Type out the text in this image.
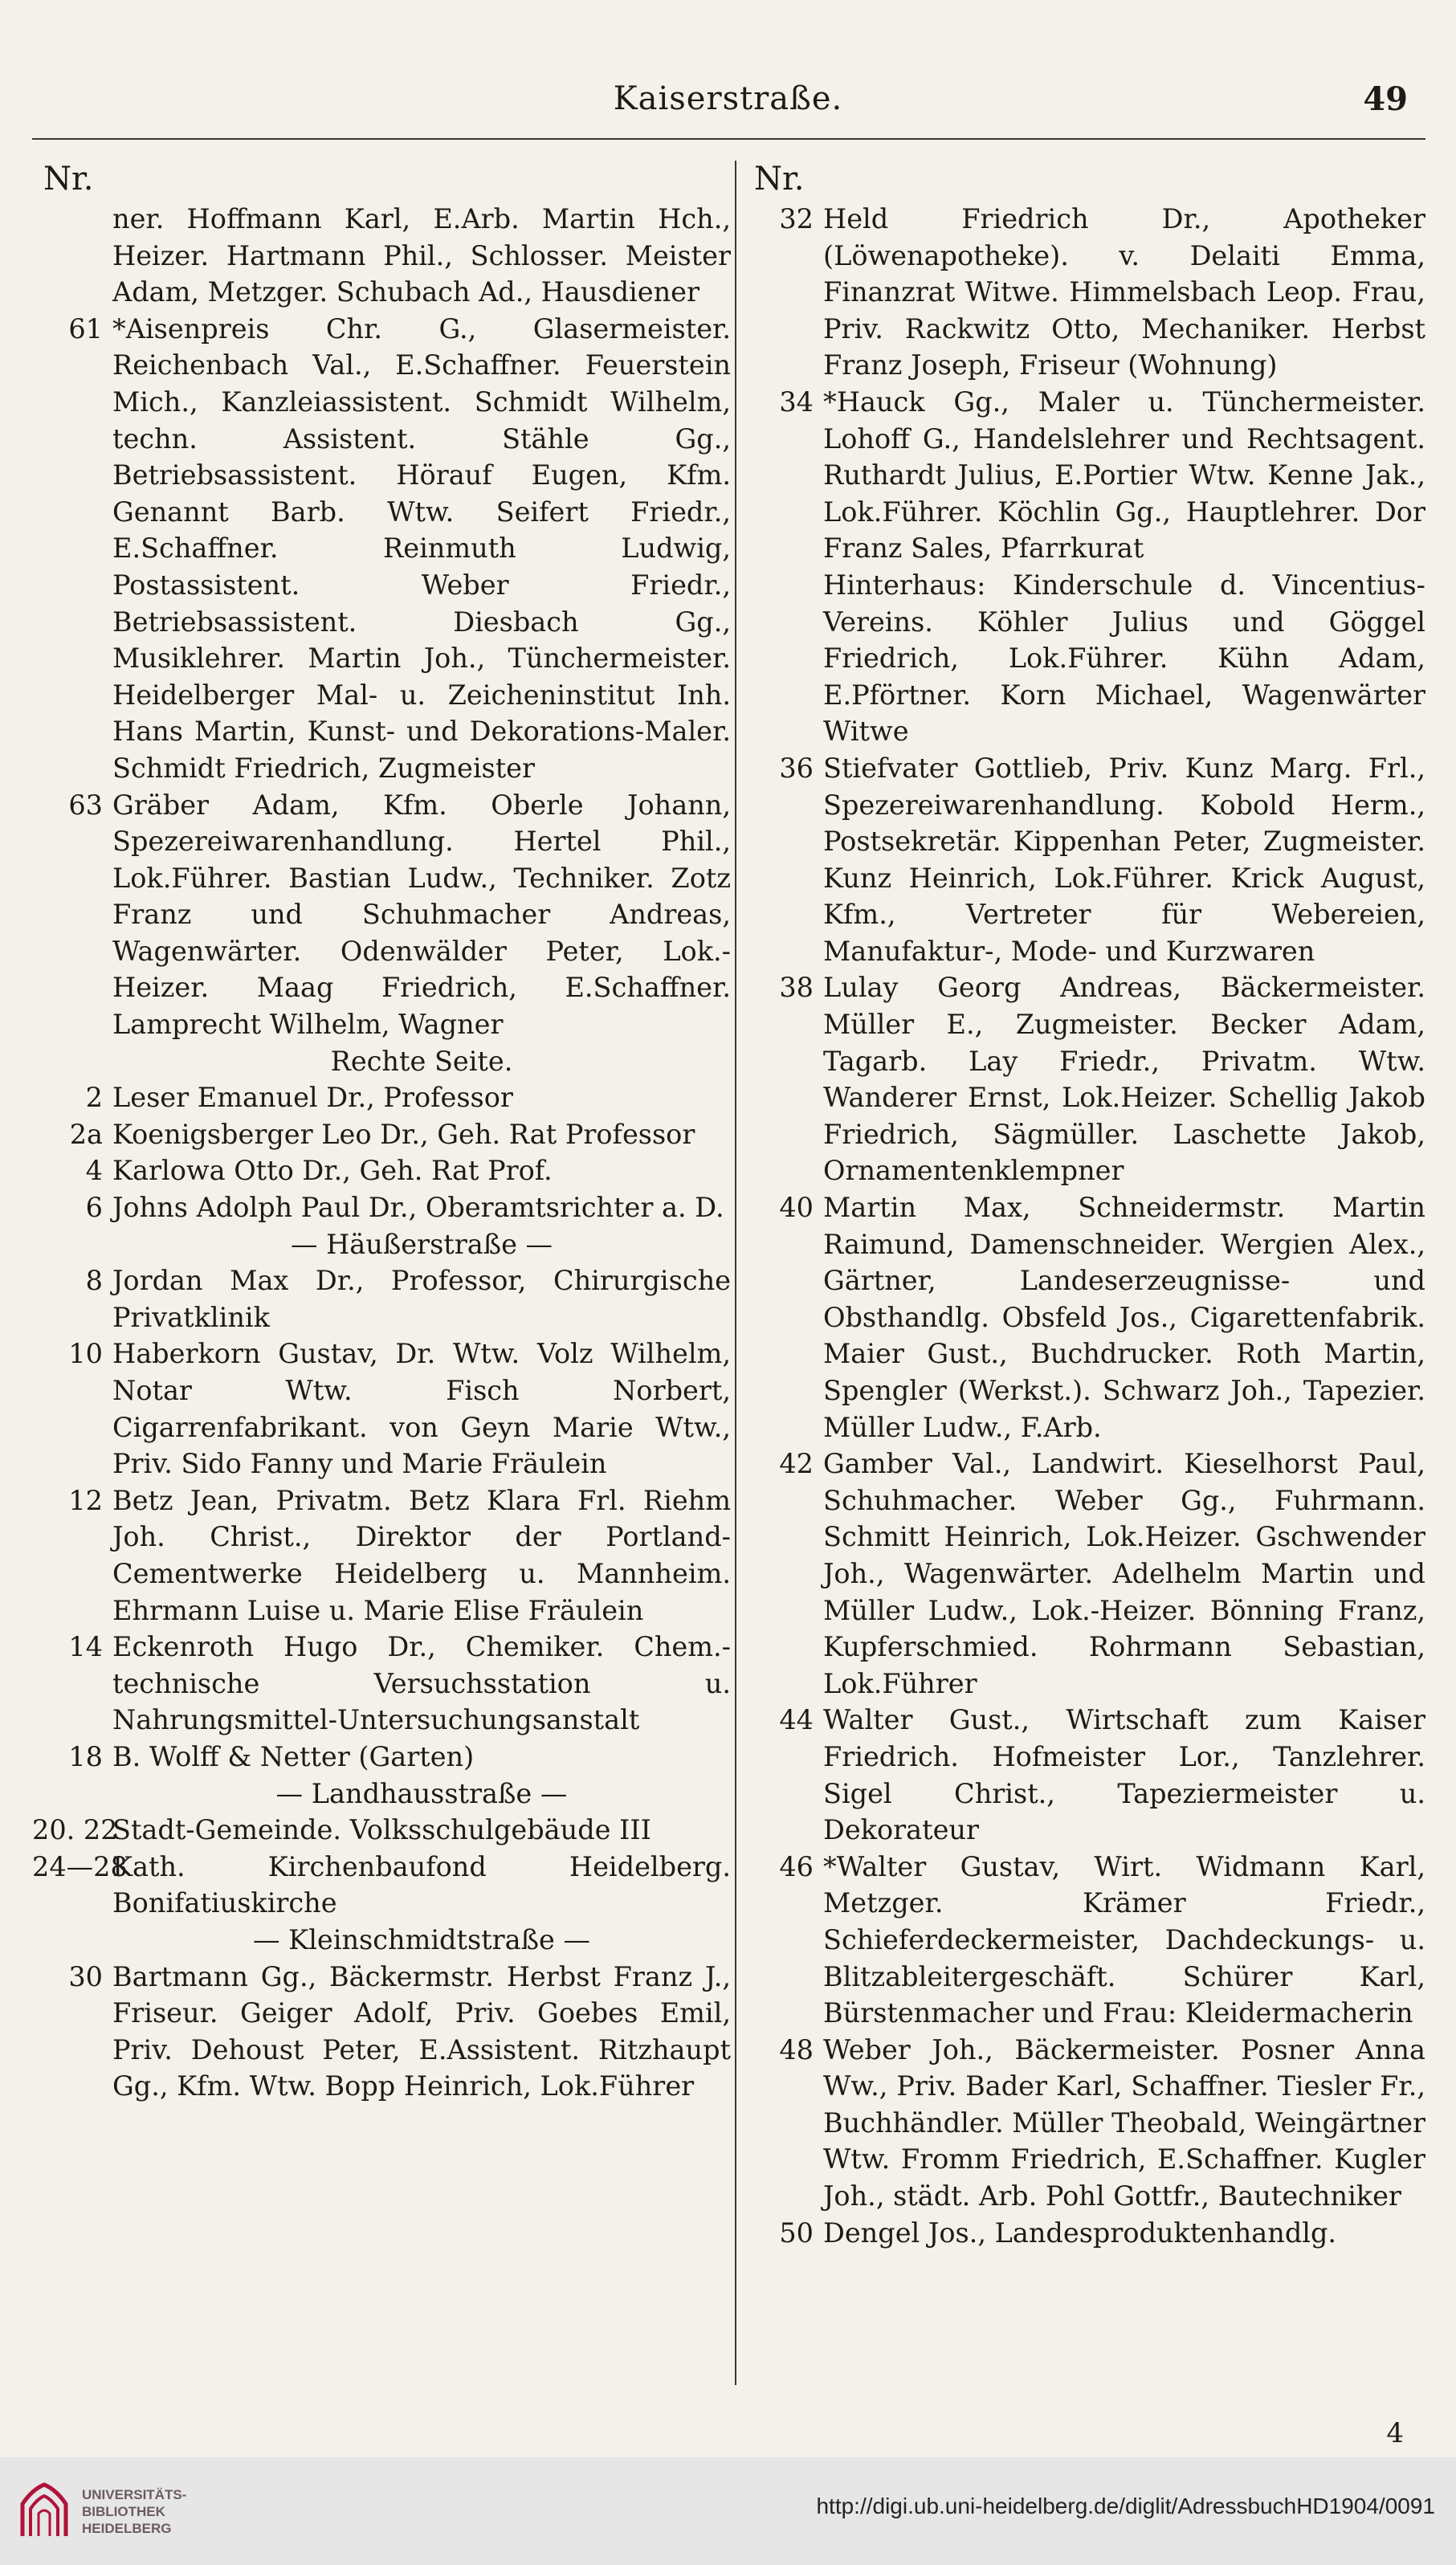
Kaiserstraße.	49
Nr.
ner. Hoffmann Karl, E.Arb. Martin Hch., Heizer. Hartmann Phil., Schlosser. Meister Adam, Metzger. Schubach Ad., Hausdiener
61 *Aisenpreis Chr. G., Glasermeister. Reichenbach Val., E.Schaffner. Feuerstein Mich., Kanzleiassistent. Schmidt Wilhelm, techn. Assistent. Stähle Gg., Betriebsassistent. Hörauf Eugen, Kfm. Genannt Barb. Wtw. Seifert Friedr., E.Schaffner. Reinmuth Ludwig, Postassistent. Weber Friedr., Betriebsassistent. Diesbach Gg., Musiklehrer. Martin Joh., Tünchermeister. Heidelberger Mal- u. Zeicheninstitut Inh. Hans Martin, Kunst- und Dekorations-Maler. Schmidt Friedrich, Zugmeister
63 Gräber Adam, Kfm. Oberle Johann, Spezereiwarenhandlung. Hertel Phil., Lok.Führer. Bastian Ludw., Techniker. Zotz Franz und Schuhmacher Andreas, Wagenwärter. Odenwälder Peter, Lok.-Heizer. Maag Friedrich, E.Schaffner. Lamprecht Wilhelm, Wagner
Rechte Seite.
2 Leser Emanuel Dr., Professor
2a Koenigsberger Leo Dr., Geh. Rat Professor
4 Karlowa Otto Dr., Geh. Rat Prof.
6 Johns Adolph Paul Dr., Oberamtsrichter a. D.
— Häußerstraße —
8 Jordan Max Dr., Professor, Chirurgische Privatklinik
10 Haberkorn Gustav, Dr. Wtw. Volz Wilhelm, Notar Wtw. Fisch Norbert, Cigarrenfabrikant. von Geyn Marie Wtw., Priv. Sido Fanny und Marie Fräulein
12 Betz Jean, Privatm. Betz Klara Frl. Riehm Joh. Christ., Direktor der Portland-Cementwerke Heidelberg u. Mannheim. Ehrmann Luise u. Marie Elise Fräulein
14 Eckenroth Hugo Dr., Chemiker. Chem.-technische Versuchsstation u. Nahrungsmittel-Untersuchungsanstalt
18 B. Wolff & Netter (Garten)
— Landhausstraße —
20. 22
Stadt-Gemeinde. Volksschulgebäude III
24—28
Kath. Kirchenbaufond Heidelberg. Bonifatiuskirche
— Kleinschmidtstraße —
30 Bartmann Gg., Bäckermstr. Herbst Franz J., Friseur. Geiger Adolf, Priv. Goebes Emil, Priv. Dehoust Peter, E.Assistent. Ritzhaupt Gg., Kfm. Wtw. Bopp Heinrich, Lok.Führer
Nr.
32 Held Friedrich Dr., Apotheker (Löwenapotheke). v. Delaiti Emma, Finanzrat Witwe. Himmelsbach Leop. Frau, Priv. Rackwitz Otto, Mechaniker. Herbst Franz Joseph, Friseur (Wohnung)
34 *Hauck Gg., Maler u. Tünchermeister. Lohoff G., Handelslehrer und Rechtsagent. Ruthardt Julius, E.Portier Wtw. Kenne Jak., Lok.Führer. Köchlin Gg., Hauptlehrer. Dor Franz Sales, Pfarrkurat
Hinterhaus: Kinderschule d. Vincentius-Vereins. Köhler Julius und Göggel Friedrich, Lok.Führer. Kühn Adam, E.Pförtner. Korn Michael, Wagenwärter Witwe
36 Stiefvater Gottlieb, Priv. Kunz Marg. Frl., Spezereiwarenhandlung. Kobold Herm., Postsekretär. Kippenhan Peter, Zugmeister. Kunz Heinrich, Lok.Führer. Krick August, Kfm., Vertreter für Webereien, Manufaktur-, Mode- und Kurzwaren
38 Lulay Georg Andreas, Bäckermeister. Müller E., Zugmeister. Becker Adam, Tagarb. Lay Friedr., Privatm. Wtw. Wanderer Ernst, Lok.Heizer. Schellig Jakob Friedrich, Sägmüller. Laschette Jakob, Ornamentenklempner
40 Martin Max, Schneidermstr. Martin Raimund, Damenschneider. Wergien Alex., Gärtner, Landeserzeugnisse- und Obsthandlg. Obsfeld Jos., Cigarettenfabrik. Maier Gust., Buchdrucker. Roth Martin, Spengler (Werkst.). Schwarz Joh., Tapezier. Müller Ludw., F.Arb.
42 Gamber Val., Landwirt. Kieselhorst Paul, Schuhmacher. Weber Gg., Fuhrmann. Schmitt Heinrich, Lok.Heizer. Gschwender Joh., Wagenwärter. Adelhelm Martin und Müller Ludw., Lok.-Heizer. Bönning Franz, Kupferschmied. Rohrmann Sebastian, Lok.Führer
44 Walter Gust., Wirtschaft zum Kaiser Friedrich. Hofmeister Lor., Tanzlehrer. Sigel Christ., Tapeziermeister u. Dekorateur
46 *Walter Gustav, Wirt. Widmann Karl, Metzger. Krämer Friedr., Schieferdeckermeister, Dachdeckungs- u. Blitzableitergeschäft. Schürer Karl, Bürstenmacher und Frau: Kleidermacherin
48 Weber Joh., Bäckermeister. Posner Anna Ww., Priv. Bader Karl, Schaffner. Tiesler Fr., Buchhändler. Müller Theobald, Weingärtner Wtw. Fromm Friedrich, E.Schaffner. Kugler Joh., städt. Arb. Pohl Gottfr., Bautechniker
50 Dengel Jos., Landesproduktenhandlg.
4
UNIVERSITÄTS-
BIBLIOTHEK
HEIDELBERG
http://digi.ub.uni-heidelberg.de/diglit/AdressbuchHD1904/0091
